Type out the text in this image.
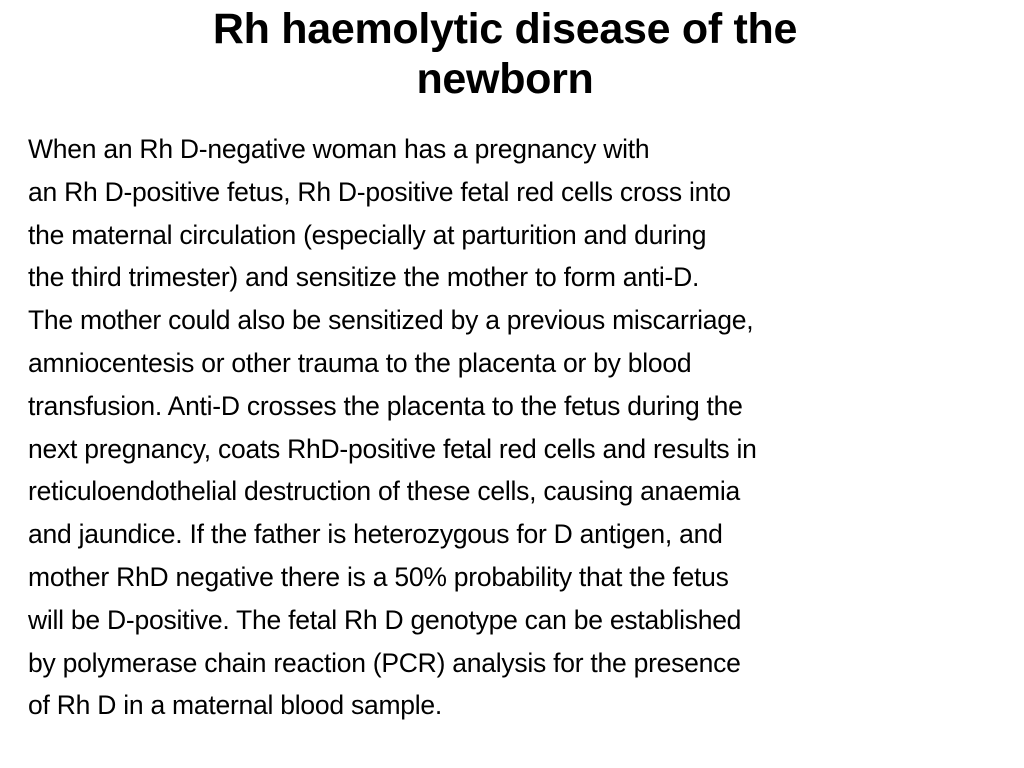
Rh haemolytic disease of the
newborn
When an Rh D-negative woman has a pregnancy with
an Rh D-positive fetus, Rh D-positive fetal red cells cross into
the maternal circulation (especially at parturition and during
the third trimester) and sensitize the mother to form anti-D.
The mother could also be sensitized by a previous miscarriage,
amniocentesis or other trauma to the placenta or by blood
transfusion. Anti-D crosses the placenta to the fetus during the
next pregnancy, coats RhD-positive fetal red cells and results in
reticuloendothelial destruction of these cells, causing anaemia
and jaundice. If the father is heterozygous for D antigen, and
mother RhD negative there is a 50% probability that the fetus
will be D-positive. The fetal Rh D genotype can be established
by polymerase chain reaction (PCR) analysis for the presence
of Rh D in a maternal blood sample.
